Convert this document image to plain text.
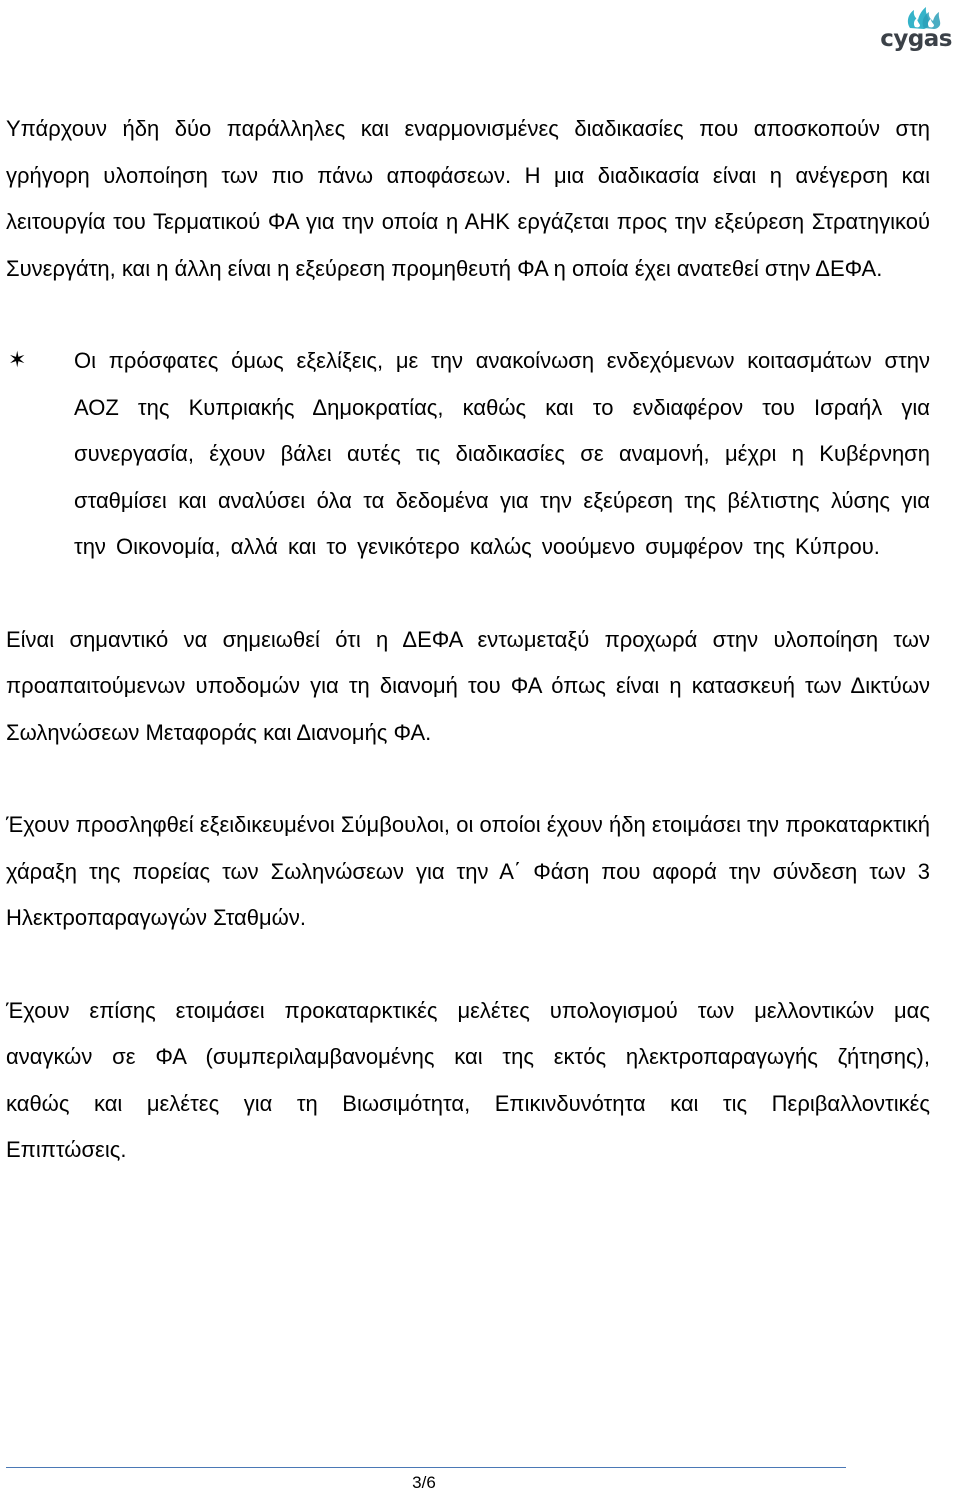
cygas

Υπάρχουν ήδη δύο παράλληλες και εναρμονισμένες διαδικασίες που αποσκοπούν στη γρήγορη υλοποίηση των πιο πάνω αποφάσεων. Η μια διαδικασία είναι η ανέγερση και λειτουργία του Τερματικού ΦΑ για την οποία η ΑΗΚ εργάζεται προς την εξεύρεση Στρατηγικού Συνεργάτη, και η άλλη είναι η εξεύρεση προμηθευτή ΦΑ η οποία έχει ανατεθεί στην ΔΕΦΑ.

✶ Οι πρόσφατες όμως εξελίξεις, με την ανακοίνωση ενδεχόμενων κοιτασμάτων στην ΑΟΖ της Κυπριακής Δημοκρατίας, καθώς και το ενδιαφέρον του Ισραήλ για συνεργασία, έχουν βάλει αυτές τις διαδικασίες σε αναμονή, μέχρι η Κυβέρνηση σταθμίσει και αναλύσει όλα τα δεδομένα για την εξεύρεση της βέλτιστης λύσης για την Οικονομία, αλλά και το γενικότερο καλώς νοούμενο συμφέρον της Κύπρου.

Είναι σημαντικό να σημειωθεί ότι η ΔΕΦΑ εντωμεταξύ προχωρά στην υλοποίηση των προαπαιτούμενων υποδομών για τη διανομή του ΦΑ όπως είναι η κατασκευή των Δικτύων Σωληνώσεων Μεταφοράς και Διανομής ΦΑ.

Έχουν προσληφθεί εξειδικευμένοι Σύμβουλοι, οι οποίοι έχουν ήδη ετοιμάσει την προκαταρκτική χάραξη της πορείας των Σωληνώσεων για την Α΄ Φάση που αφορά την σύνδεση των 3 Ηλεκτροπαραγωγών Σταθμών.

Έχουν επίσης ετοιμάσει προκαταρκτικές μελέτες υπολογισμού των μελλοντικών μας αναγκών σε ΦΑ (συμπεριλαμβανομένης και της εκτός ηλεκτροπαραγωγής ζήτησης), καθώς και μελέτες για τη Βιωσιμότητα, Επικινδυνότητα και τις Περιβαλλοντικές Επιπτώσεις.

3/6
